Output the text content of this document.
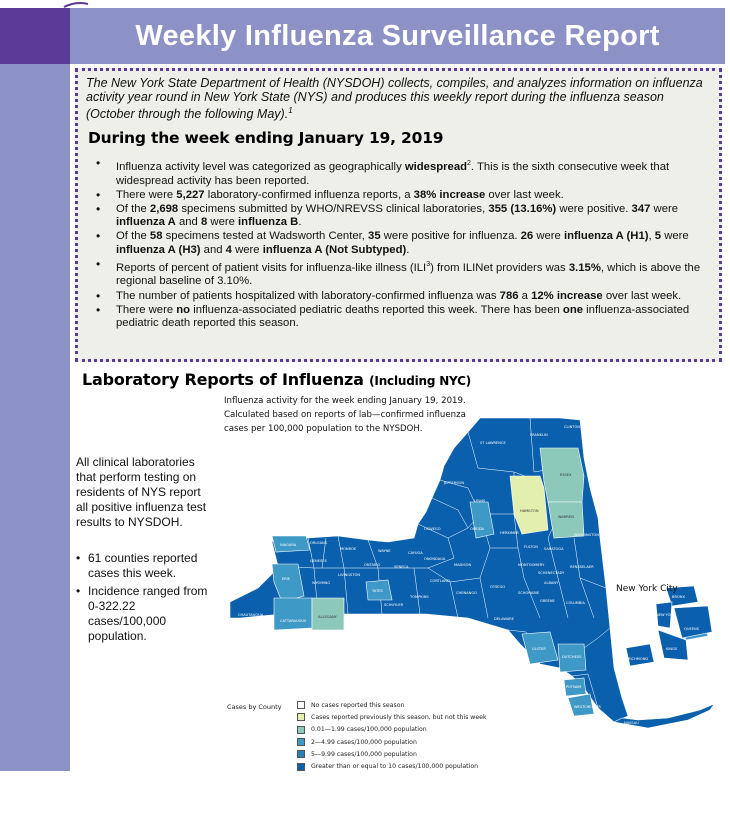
Weekly Influenza Surveillance Report

The New York State Department of Health (NYSDOH) collects, compiles, and analyzes information on influenza activity year round in New York State (NYS) and produces this weekly report during the influenza season (October through the following May).$^1$

During the week ending January 19, 2019
• Influenza activity level was categorized as geographically widespread$^2$. This is the sixth consecutive week that widespread activity has been reported.
• There were 5,227 laboratory-confirmed influenza reports, a 38% increase over last week.
• Of the 2,698 specimens submitted by WHO/NREVSS clinical laboratories, 355 (13.16%) were positive. 347 were influenza A and 8 were influenza B.
• Of the 58 specimens tested at Wadsworth Center, 35 were positive for influenza. 26 were influenza A (H1), 5 were influenza A (H3) and 4 were influenza A (Not Subtyped).
• Reports of percent of patient visits for influenza-like illness (ILI$^3$) from ILINet providers was 3.15%, which is above the regional baseline of 3.10%.
• The number of patients hospitalized with laboratory-confirmed influenza was 786 a 12% increase over last week.
• There were no influenza-associated pediatric deaths reported this week. There has been one influenza-associated pediatric death reported this season.
Laboratory Reports of Influenza (Including NYC)

All clinical laboratories that perform testing on residents of NYS report all positive influenza test results to NYSDOH.

• 61 counties reported cases this week.
• Incidence ranged from 0-322.22 cases/100,000 population.
Influenza activity for the week ending January 19, 2019.
Calculated based on reports of lab—confirmed influenza
cases per 100,000 population to the NYSDOH.
ST LAWRENCE
FRANKLIN
CLINTON
ESSEX
HAMILTON
WARREN
HERKIMER
LEWIS
JEFFERSON
OSWEGO	ONEIDA
NIAGARA	ORLEANS
MONROE	WAYNE
ERIE
GENESEE
LIVINGSTON
ONTARIO
YATES
SENECA
CAYUGA
ONONDAGA
MADISON
CHAUTAUQUA
CATTARAUGUS
ALLEGANY	STEUBEN
SCHUYLER
CHEMUNG	TIOGA
BROOME
CHENANGO
OTSEGO
DELAWARE
SCHOHARIE
ALBANY
RENSSELAER
SARATOGA
WASHINGTON
FULTON
MONTGOMERY
SCHENECTADY
GREENE	COLUMBIA
ULSTER
DUTCHESS
SULLIVAN
ORANGE	PUTNAM
ROCKLAND WESTCHESTER
SUFFOLK
NASSAU
BRONX
NEW YORK
QUEENS
KINGS
RICHMOND
TOMPKINS
CORTLAND
WYOMING
New York City
Cases by County	No cases reported this season
Cases reported previously this season, but not this week
0.01—1.99 cases/100,000 population
2—4.99 cases/100,000 population
5—9.99 cases/100,000 population
Greater than or equal to 10 cases/100,000 population
